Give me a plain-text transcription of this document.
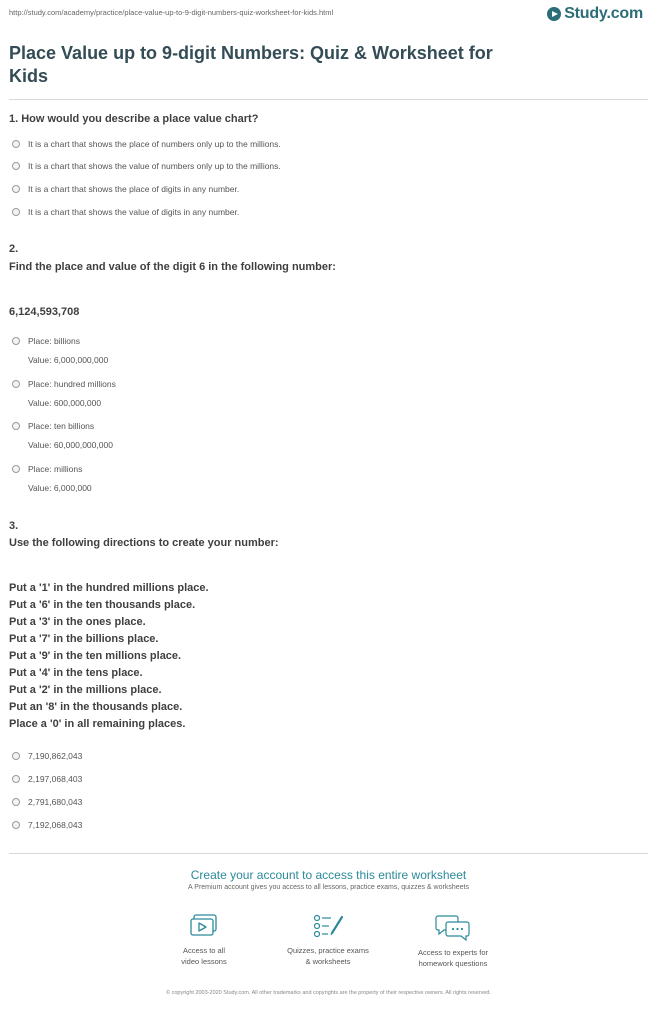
http://study.com/academy/practice/place-value-up-to-9-digit-numbers-quiz-worksheet-for-kids.html	Study.com
Place Value up to 9-digit Numbers: Quiz & Worksheet for Kids
1. How would you describe a place value chart?
It is a chart that shows the place of numbers only up to the millions.
It is a chart that shows the value of numbers only up to the millions.
It is a chart that shows the place of digits in any number.
It is a chart that shows the value of digits in any number.
2.
Find the place and value of the digit 6 in the following number:
6,124,593,708
Place: billions
Value: 6,000,000,000
Place: hundred millions
Value: 600,000,000
Place: ten billions
Value: 60,000,000,000
Place: millions
Value: 6,000,000
3.
Use the following directions to create your number:
Put a '1' in the hundred millions place.
Put a '6' in the ten thousands place.
Put a '3' in the ones place.
Put a '7' in the billions place.
Put a '9' in the ten millions place.
Put a '4' in the tens place.
Put a '2' in the millions place.
Put an '8' in the thousands place.
Place a '0' in all remaining places.
7,190,862,043
2,197,068,403
2,791,680,043
7,192,068,043
Create your account to access this entire worksheet
A Premium account gives you access to all lessons, practice exams, quizzes & worksheets
Access to all
video lessons
Quizzes, practice exams
& worksheets
Access to experts for
homework questions
© copyright 2003-2020 Study.com. All other trademarks and copyrights are the property of their respective owners. All rights reserved.
